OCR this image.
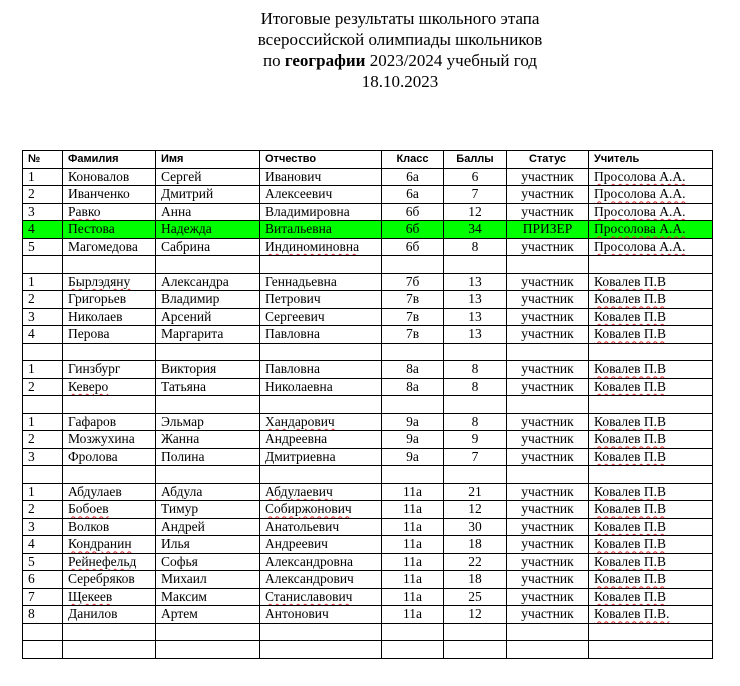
Итоговые результаты школьного этапа
всероссийской олимпиады школьников
по географии 2023/2024 учебный год
18.10.2023
№	Фамилия	Имя	Отчество	Класс	Баллы	Статус	Учитель
1	Коновалов	Сергей	Иванович	6а	6	участник	Просолова А.А.
2	Иванченко	Дмитрий	Алексеевич	6а	7	участник	Просолова А.А.
3	Равко	Анна	Владимировна	6б	12	участник	Просолова А.А.
4	Пестова	Надежда	Витальевна	6б	34	ПРИЗЕР	Просолова А.А.
5	Магомедова	Сабрина	Индиноминовна	6б	8	участник	Просолова А.А.

1	Бырлэдяну	Александра	Геннадьевна	7б	13	участник	Ковалев П.В
2	Григорьев	Владимир	Петрович	7в	13	участник	Ковалев П.В
3	Николаев	Арсений	Сергеевич	7в	13	участник	Ковалев П.В
4	Перова	Маргарита	Павловна	7в	13	участник	Ковалев П.В

1	Гинзбург	Виктория	Павловна	8а	8	участник	Ковалев П.В
2	Кеверо	Татьяна	Николаевна	8а	8	участник	Ковалев П.В

1	Гафаров	Эльмар	Хандарович	9а	8	участник	Ковалев П.В
2	Мозжухина	Жанна	Андреевна	9а	9	участник	Ковалев П.В
3	Фролова	Полина	Дмитриевна	9а	7	участник	Ковалев П.В

1	Абдулаев	Абдула	Абдулаевич	11а	21	участник	Ковалев П.В
2	Бобоев	Тимур	Собиржонович	11а	12	участник	Ковалев П.В
3	Волков	Андрей	Анатольевич	11а	30	участник	Ковалев П.В
4	Кондранин	Илья	Андреевич	11а	18	участник	Ковалев П.В
5	Рейнефельд	Софья	Александровна	11а	22	участник	Ковалев П.В
6	Серебряков	Михаил	Александрович	11а	18	участник	Ковалев П.В
7	Щекеев	Максим	Станиславович	11а	25	участник	Ковалев П.В
8	Данилов	Артем	Антонович	11а	12	участник	Ковалев П.В.
